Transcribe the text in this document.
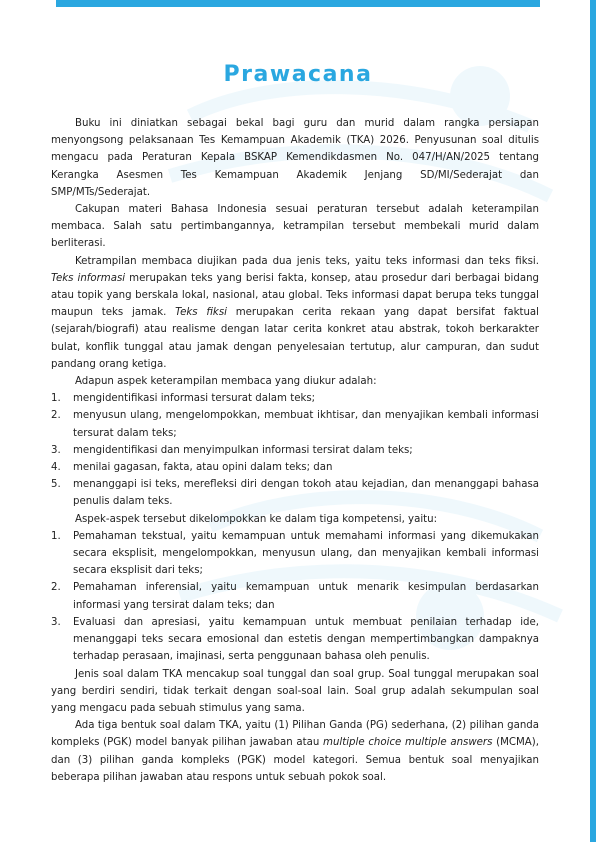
Prawacana

Buku ini diniatkan sebagai bekal bagi guru dan murid dalam rangka persiapan menyongsong pelaksanaan Tes Kemampuan Akademik (TKA) 2026. Penyusunan soal ditulis mengacu pada Peraturan Kepala BSKAP Kemendikdasmen No. 047/H/AN/2025 tentang Kerangka Asesmen Tes Kemampuan Akademik Jenjang SD/MI/Sederajat dan SMP/MTs/Sederajat.

Cakupan materi Bahasa Indonesia sesuai peraturan tersebut adalah keterampilan membaca. Salah satu pertimbangannya, ketrampilan tersebut membekali murid dalam berliterasi.

Ketrampilan membaca diujikan pada dua jenis teks, yaitu teks informasi dan teks fiksi. Teks informasi merupakan teks yang berisi fakta, konsep, atau prosedur dari berbagai bidang atau topik yang berskala lokal, nasional, atau global. Teks informasi dapat berupa teks tunggal maupun teks jamak. Teks fiksi merupakan cerita rekaan yang dapat bersifat faktual (sejarah/biografi) atau realisme dengan latar cerita konkret atau abstrak, tokoh berkarakter bulat, konflik tunggal atau jamak dengan penyelesaian tertutup, alur campuran, dan sudut pandang orang ketiga.

Adapun aspek keterampilan membaca yang diukur adalah:

1. mengidentifikasi informasi tersurat dalam teks;
2. menyusun ulang, mengelompokkan, membuat ikhtisar, dan menyajikan kembali informasi tersurat dalam teks;
3. mengidentifikasi dan menyimpulkan informasi tersirat dalam teks;
4. menilai gagasan, fakta, atau opini dalam teks; dan
5. menanggapi isi teks, merefleksi diri dengan tokoh atau kejadian, dan menanggapi bahasa penulis dalam teks.

Aspek-aspek tersebut dikelompokkan ke dalam tiga kompetensi, yaitu:

1. Pemahaman tekstual, yaitu kemampuan untuk memahami informasi yang dikemukakan secara eksplisit, mengelompokkan, menyusun ulang, dan menyajikan kembali informasi secara eksplisit dari teks;
2. Pemahaman inferensial, yaitu kemampuan untuk menarik kesimpulan berdasarkan informasi yang tersirat dalam teks; dan
3. Evaluasi dan apresiasi, yaitu kemampuan untuk membuat penilaian terhadap ide, menanggapi teks secara emosional dan estetis dengan mempertimbangkan dampaknya terhadap perasaan, imajinasi, serta penggunaan bahasa oleh penulis.

Jenis soal dalam TKA mencakup soal tunggal dan soal grup. Soal tunggal merupakan soal yang berdiri sendiri, tidak terkait dengan soal-soal lain. Soal grup adalah sekumpulan soal yang mengacu pada sebuah stimulus yang sama.

Ada tiga bentuk soal dalam TKA, yaitu (1) Pilihan Ganda (PG) sederhana, (2) pilihan ganda kompleks (PGK) model banyak pilihan jawaban atau multiple choice multiple answers (MCMA), dan (3) pilihan ganda kompleks (PGK) model kategori. Semua bentuk soal menyajikan beberapa pilihan jawaban atau respons untuk sebuah pokok soal.
